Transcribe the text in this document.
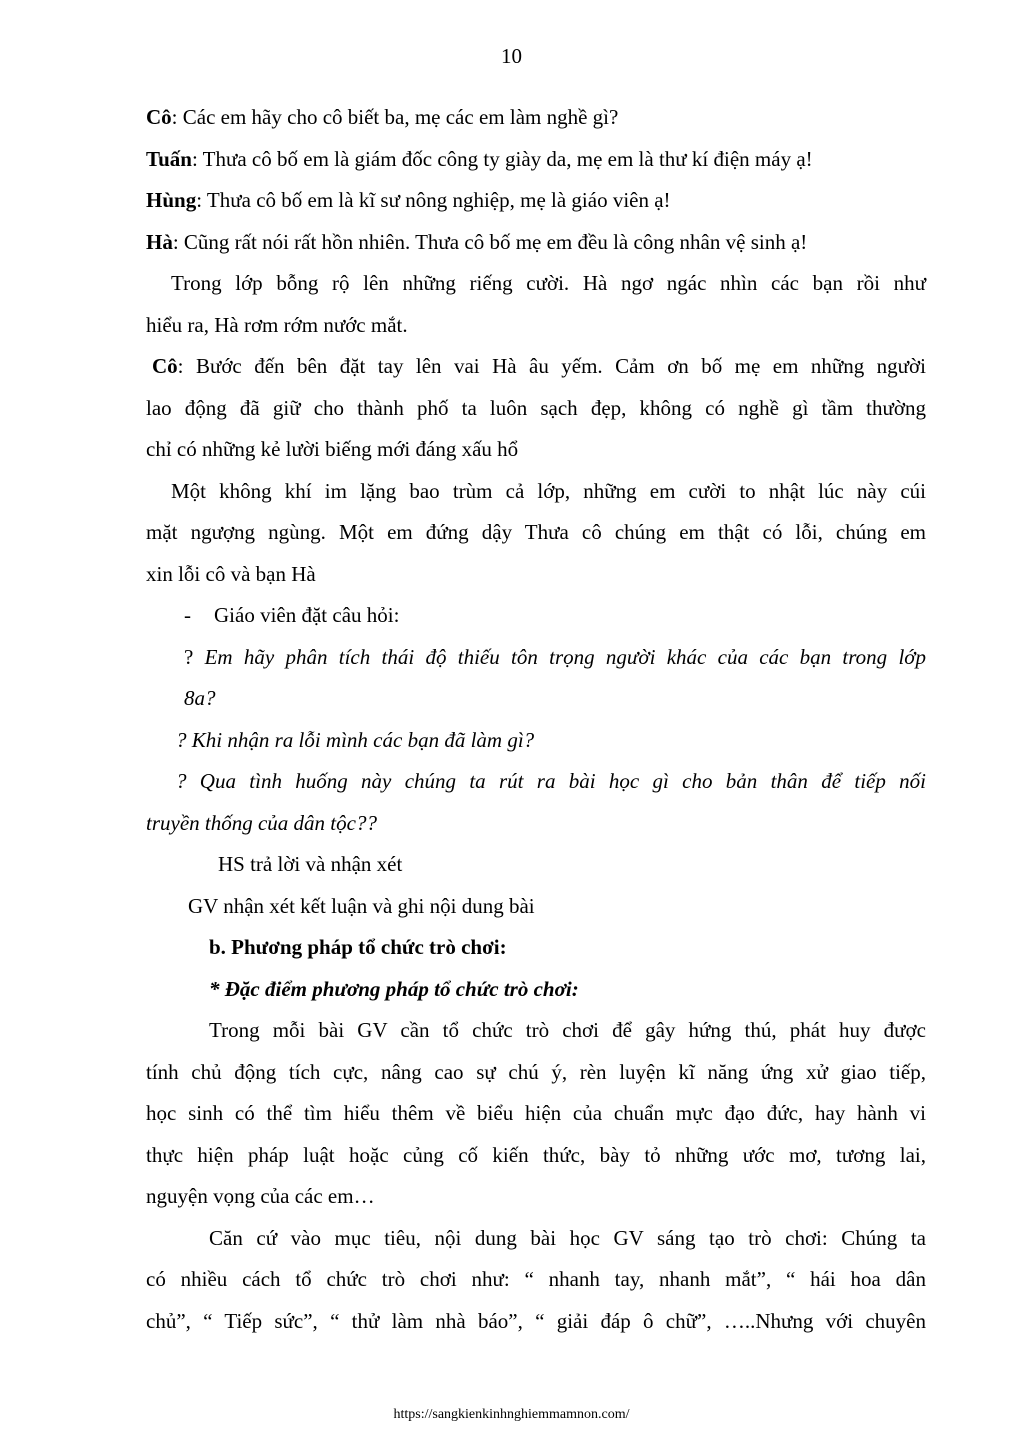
10
Cô: Các em hãy cho cô biết ba, mẹ các em làm nghề gì?
Tuấn: Thưa cô bố em là giám đốc công ty giày da, mẹ em là thư kí điện máy ạ!
Hùng: Thưa cô bố em là kĩ sư nông nghiệp, mẹ là giáo viên ạ!
Hà: Cũng rất nói rất hồn nhiên. Thưa cô bố mẹ em đều là công nhân vệ sinh ạ!
Trong lớp bỗng rộ lên những riếng cười. Hà ngơ ngác nhìn các bạn rồi như
hiểu ra, Hà rơm rớm nước mắt.
Cô: Bước đến bên đặt tay lên vai Hà âu yếm. Cảm ơn bố mẹ em những người
lao động đã giữ cho thành phố ta luôn sạch đẹp, không có nghề gì tầm thường
chỉ có những kẻ lười biếng mới đáng xấu hổ
Một không khí im lặng bao trùm cả lớp, những em cười to nhật lúc này cúi
mặt ngượng ngùng. Một em đứng dậy Thưa cô chúng em thật có lỗi, chúng em
xin lỗi cô và bạn Hà
- Giáo viên đặt câu hỏi:
? Em hãy phân tích thái độ thiếu tôn trọng người khác của các bạn trong lớp
8a?
? Khi nhận ra lỗi mình các bạn đã làm gì?
? Qua tình huống này chúng ta rút ra bài học gì cho bản thân để tiếp nối
truyền thống của dân tộc??
HS trả lời và nhận xét
GV nhận xét kết luận và ghi nội dung bài
b. Phương pháp tổ chức trò chơi:
* Đặc điểm phương pháp tổ chức trò chơi:
Trong mỗi bài GV cần tổ chức trò chơi để gây hứng thú, phát huy được
tính chủ động tích cực, nâng cao sự chú ý, rèn luyện kĩ năng ứng xử giao tiếp,
học sinh có thể tìm hiểu thêm về biểu hiện của chuẩn mực đạo đức, hay hành vi
thực hiện pháp luật hoặc củng cố kiến thức, bày tỏ những ước mơ, tương lai,
nguyện vọng của các em…
Căn cứ vào mục tiêu, nội dung bài học GV sáng tạo trò chơi: Chúng ta
có nhiều cách tổ chức trò chơi như: “ nhanh tay, nhanh mắt”, “ hái hoa dân
chủ”, “ Tiếp sức”, “ thử làm nhà báo”, “ giải đáp ô chữ”, …..Nhưng với chuyên
https://sangkienkinhnghiemmamnon.com/
